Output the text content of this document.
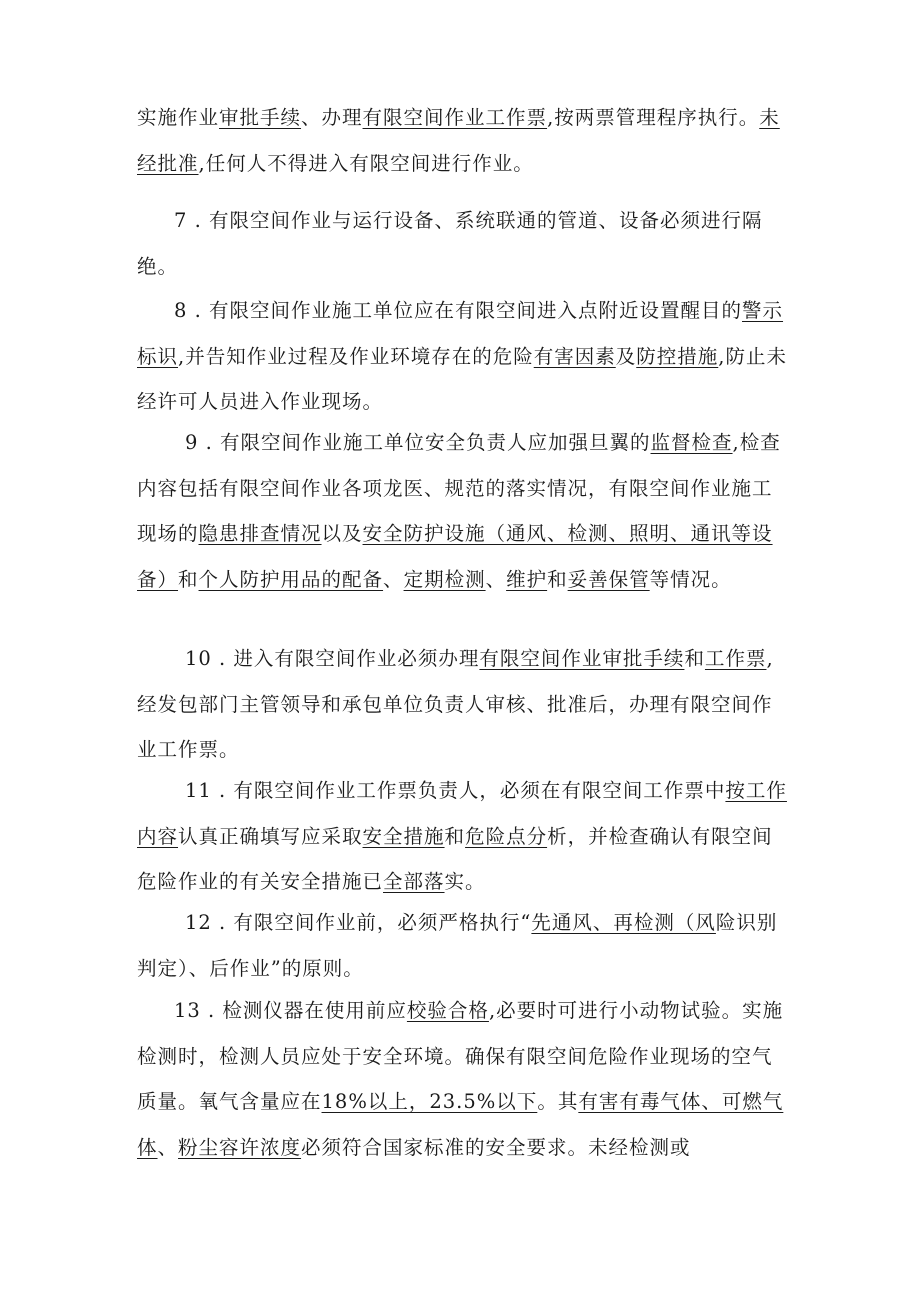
实施作业审批手续、办理有限空间作业工作票,按两票管理程序执行。未经批准,任何人不得进入有限空间进行作业。

7 . 有限空间作业与运行设备、系统联通的管道、设备必须进行隔绝。

8 . 有限空间作业施工单位应在有限空间进入点附近设置醒目的警示标识,并告知作业过程及作业环境存在的危险有害因素及防控措施,防止未经许可人员进入作业现场。

9 . 有限空间作业施工单位安全负责人应加强旦翼的监督检查,检查内容包括有限空间作业各项龙医、规范的落实情况，有限空间作业施工现场的隐患排查情况以及安全防护设施（通风、检测、照明、通讯等设备）和个人防护用品的配备、定期检测、维护和妥善保管等情况。

10 . 进入有限空间作业必须办理有限空间作业审批手续和工作票,经发包部门主管领导和承包单位负责人审核、批准后，办理有限空间作业工作票。

11 . 有限空间作业工作票负责人，必须在有限空间工作票中按工作内容认真正确填写应采取安全措施和危险点分析，并检查确认有限空间危险作业的有关安全措施已全部落实。

12 . 有限空间作业前，必须严格执行“先通风、再检测（风险识别判定）、后作业”的原则。

13 . 检测仪器在使用前应校验合格,必要时可进行小动物试验。实施检测时，检测人员应处于安全环境。确保有限空间危险作业现场的空气质量。氧气含量应在18%以上，23.5%以下。其有害有毒气体、可燃气体、粉尘容许浓度必须符合国家标准的安全要求。未经检测或
